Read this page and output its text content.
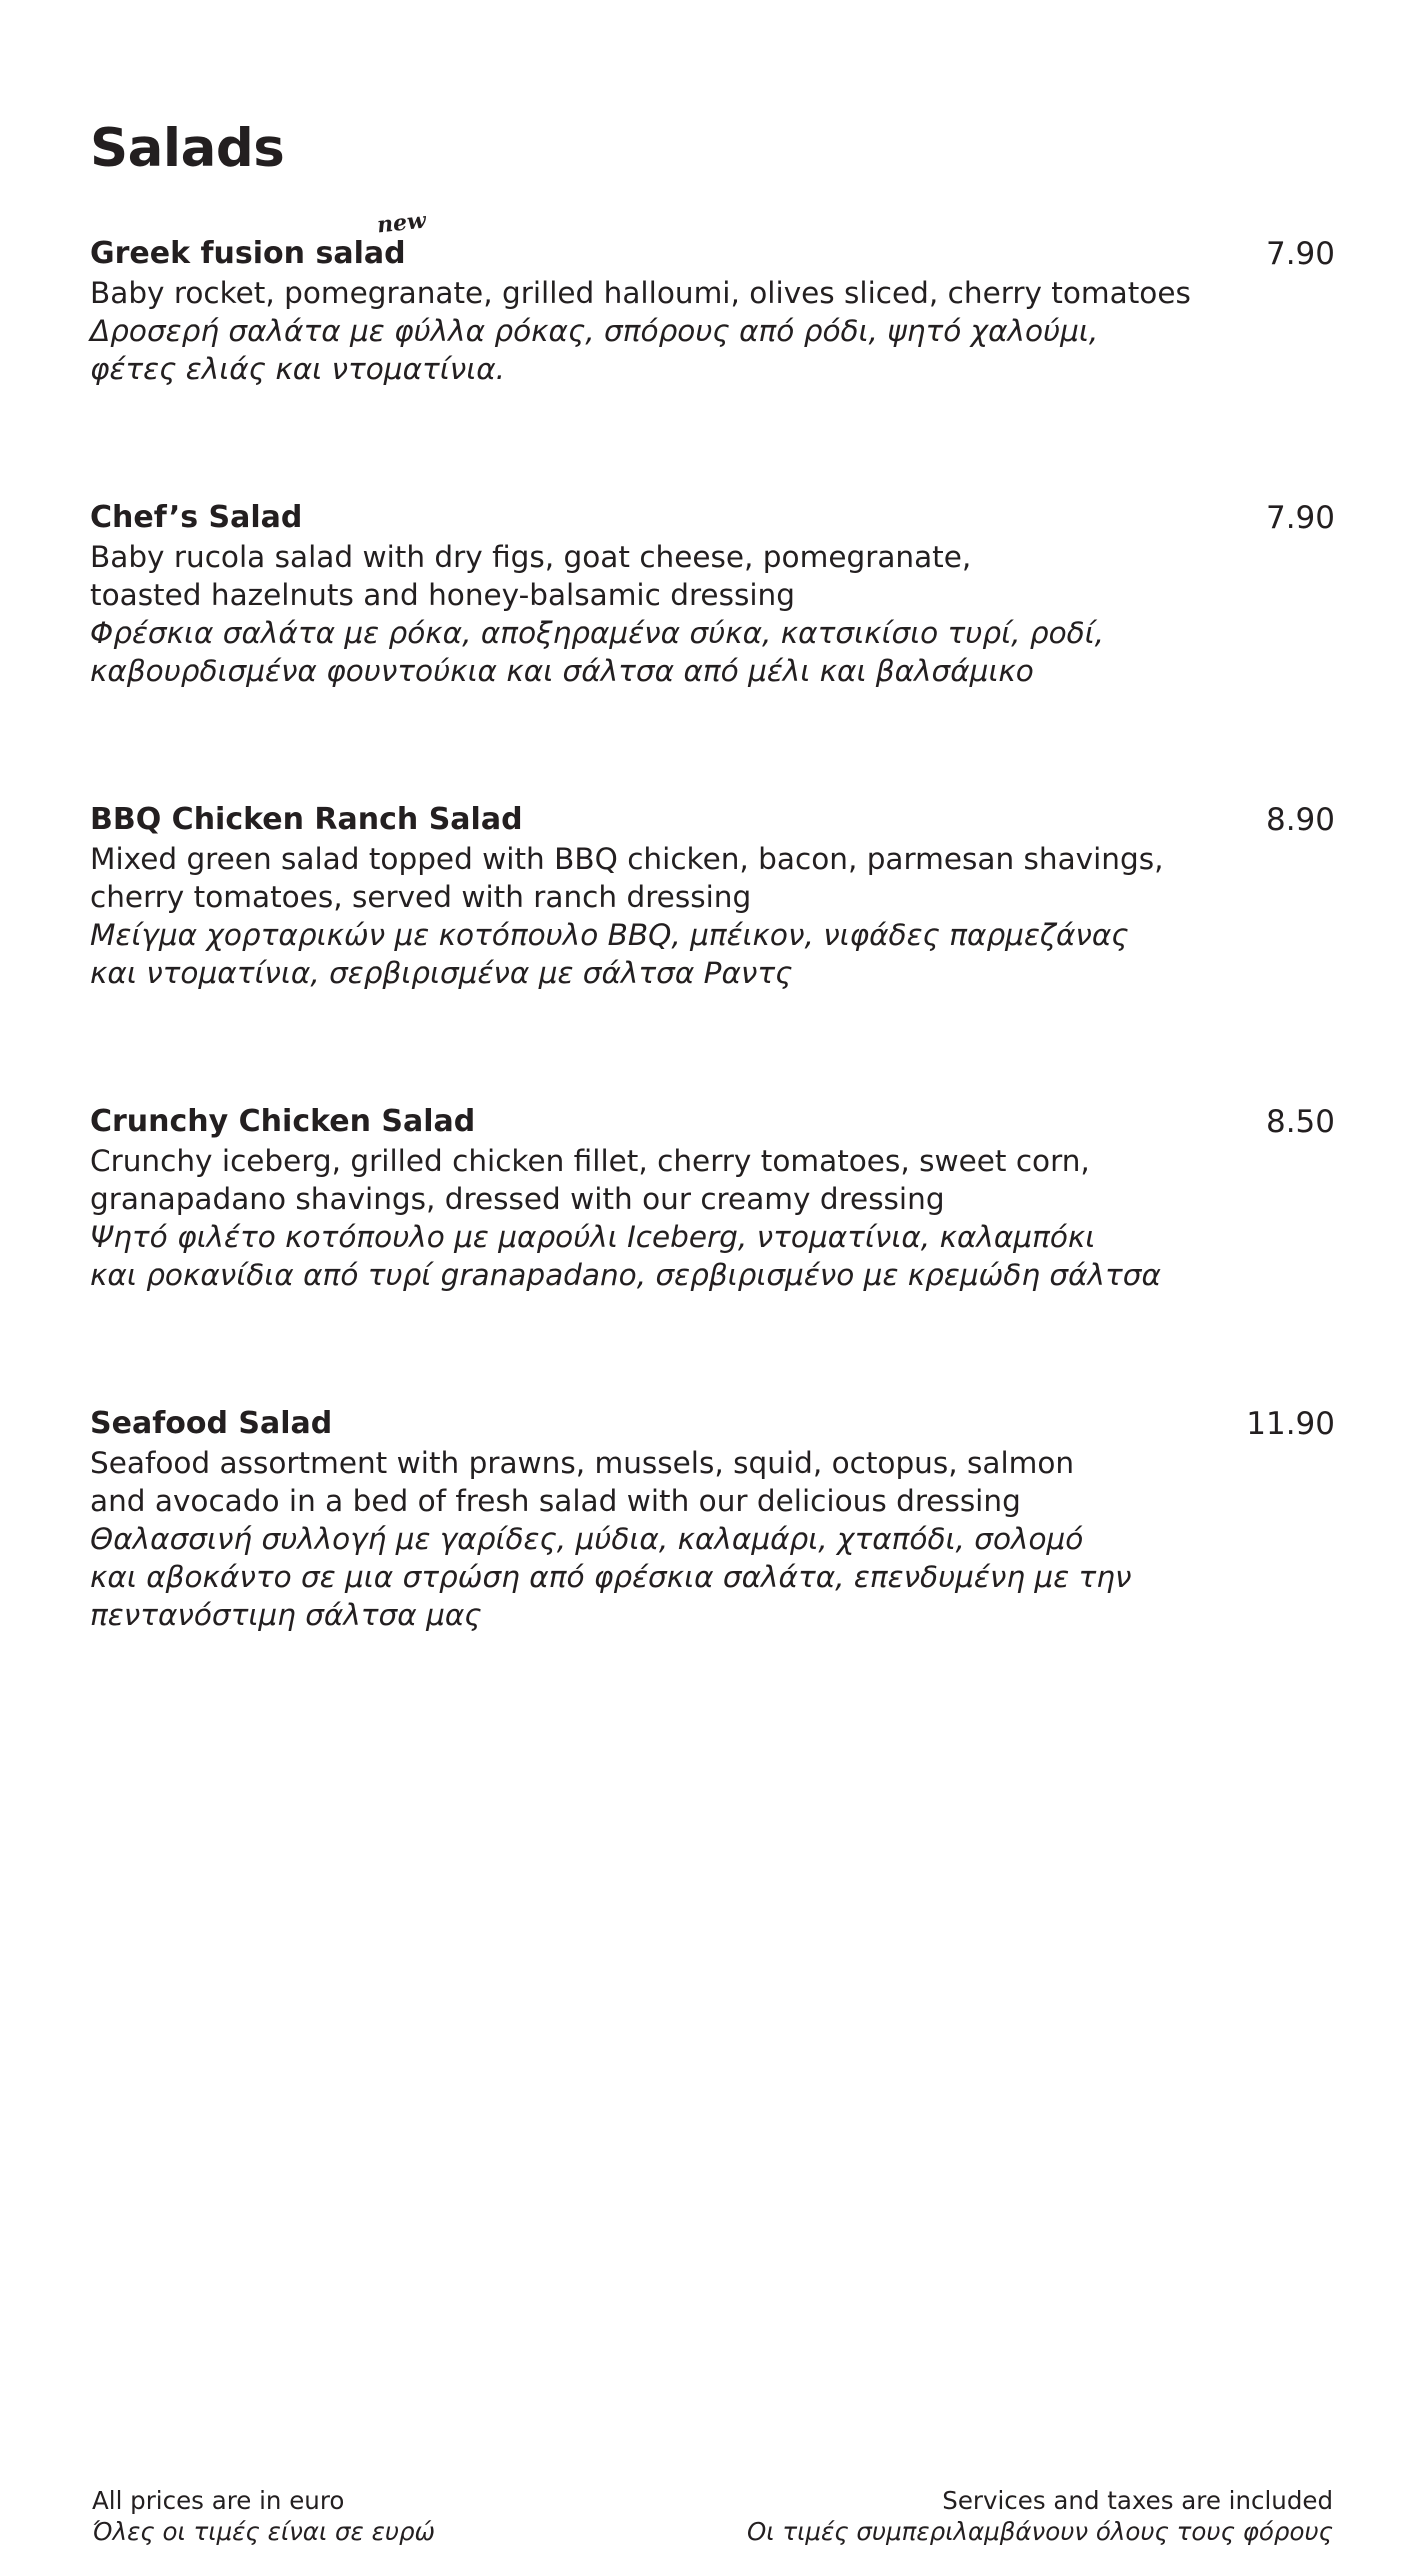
Salads
Greek fusion salad
new
7.90

Baby rocket, pomegranate, grilled halloumi, olives sliced, cherry tomatoes

Δροσερή σαλάτα με φύλλα ρόκας, σπόρους από ρόδι, ψητό χαλούμι,

φέτες ελιάς και ντοματίνια.

Chef’s Salad	7.90

Baby rucola salad with dry figs, goat cheese, pomegranate,

toasted hazelnuts and honey-balsamic dressing

Φρέσκια σαλάτα με ρόκα, αποξηραμένα σύκα, κατσικίσιο τυρί, ροδί,

καβουρδισμένα φουντούκια και σάλτσα από μέλι και βαλσάμικο

BBQ Chicken Ranch Salad	8.90

Mixed green salad topped with BBQ chicken, bacon, parmesan shavings,

cherry tomatoes, served with ranch dressing

Μείγμα χορταρικών με κοτόπουλο BBQ, μπέικον, νιφάδες παρμεζάνας

και ντοματίνια, σερβιρισμένα με σάλτσα Ραντς

Crunchy Chicken Salad	8.50

Crunchy iceberg, grilled chicken fillet, cherry tomatoes, sweet corn,

granapadano shavings, dressed with our creamy dressing

Ψητό φιλέτο κοτόπουλο με μαρούλι Iceberg, ντοματίνια, καλαμπόκι

και ροκανίδια από τυρί granapadano, σερβιρισμένο με κρεμώδη σάλτσα

Seafood Salad	11.90

Seafood assortment with prawns, mussels, squid, octopus, salmon

and avocado in a bed of fresh salad with our delicious dressing

Θαλασσινή συλλογή με γαρίδες, μύδια, καλαμάρι, χταπόδι, σολομό

και αβοκάντο σε μια στρώση από φρέσκια σαλάτα, επενδυμένη με την

πεντανόστιμη σάλτσα μας

All prices are in euro
Όλες οι τιμές είναι σε ευρώ
Services and taxes are included
Οι τιμές συμπεριλαμβάνουν όλους τους φόρους
